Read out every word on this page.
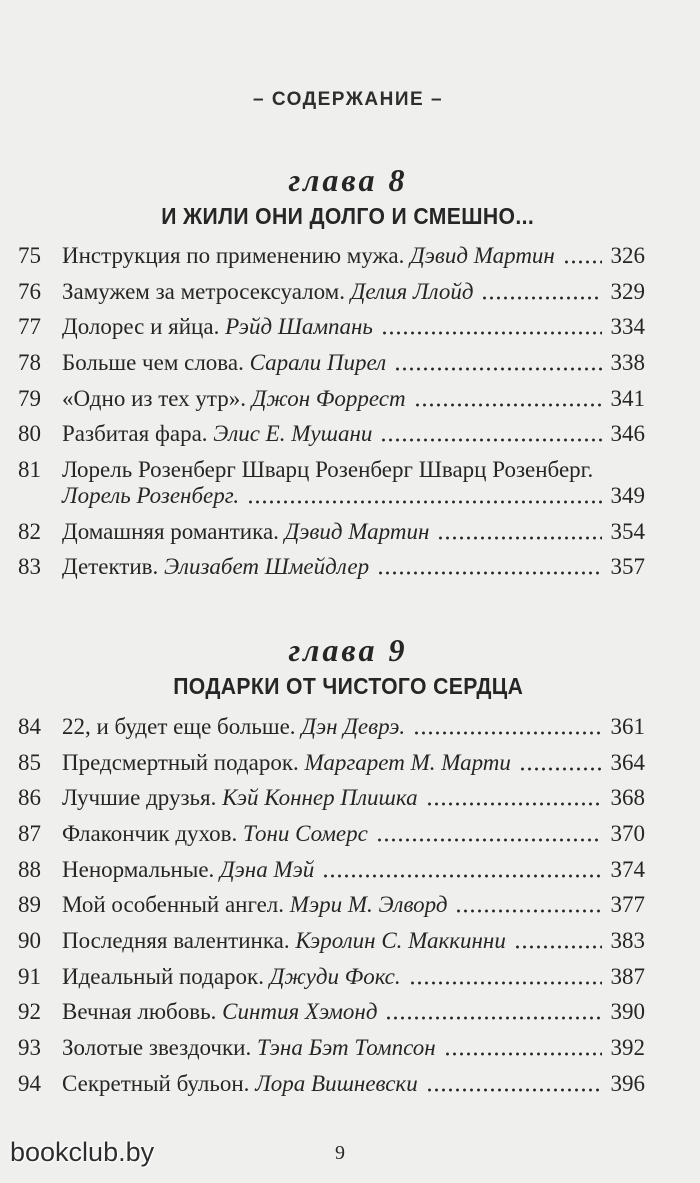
– СОДЕРЖАНИЕ –
глава 8
И ЖИЛИ ОНИ ДОЛГО И СМЕШНО...
75 Инструкция по применению мужа. Дэвид Мартин 326
76 Замужем за метросексуалом. Делия Ллойд	329
77 Долорес и яйца. Рэйд Шампань	334
78 Больше чем слова. Сарали Пирел	338
79 «Одно из тех утр». Джон Форрест	341
80 Разбитая фара. Элис Е. Мушани	346
81 Лорель Розенберг Шварц Розенберг Шварц Розенберг.
Лорель Розенберг.	349
82 Домашняя романтика. Дэвид Мартин	354
83 Детектив. Элизабет Шмейдлер	357
глава 9
ПОДАРКИ ОТ ЧИСТОГО СЕРДЦА
84 22, и будет еще больше. Дэн Деврэ.	361
85 Предсмертный подарок. Маргарет М. Марти	364
86 Лучшие друзья. Кэй Коннер Плишка	368
87 Флакончик духов. Тони Сомерс	370
88 Ненормальные. Дэна Мэй	374
89 Мой особенный ангел. Мэри М. Элворд	377
90 Последняя валентинка. Кэролин С. Маккинни	383
91 Идеальный подарок. Джуди Фокс.	387
92 Вечная любовь. Синтия Хэмонд	390
93 Золотые звездочки. Тэна Бэт Томпсон	392
94 Секретный бульон. Лора Вишневски	396
9
bookclub.by
